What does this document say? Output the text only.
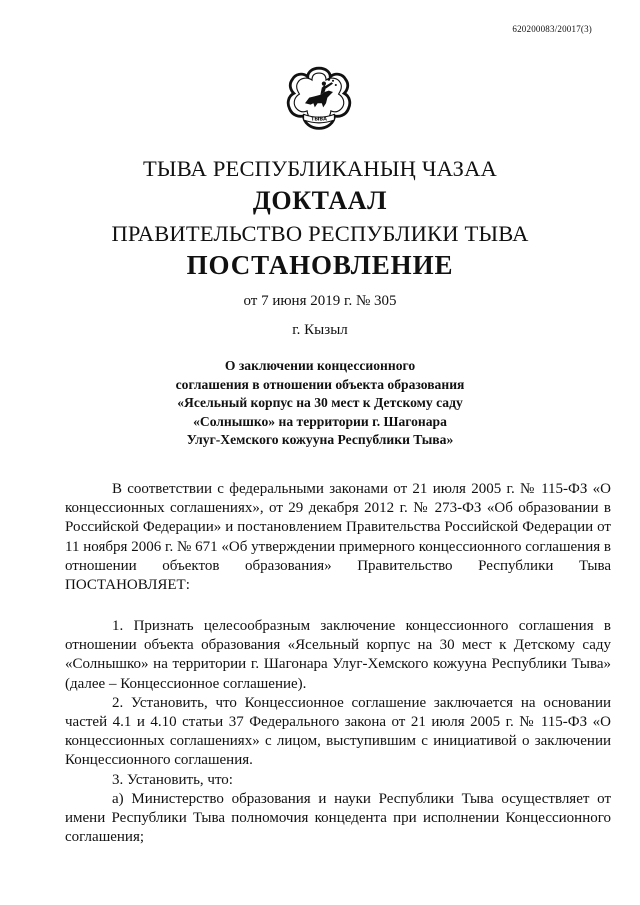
620200083/20017(3)
ТЫВА
ТЫВА РЕСПУБЛИКАНЫҢ ЧАЗАА
ДОКТААЛ
ПРАВИТЕЛЬСТВО РЕСПУБЛИКИ ТЫВА
ПОСТАНОВЛЕНИЕ
от 7 июня 2019 г. № 305
г. Кызыл
О заключении концессионного
соглашения в отношении объекта образования
«Ясельный корпус на 30 мест к Детскому саду
«Солнышко» на территории г. Шагонара
Улуг-Хемского кожууна Республики Тыва»

В соответствии с федеральными законами от 21 июля 2005 г. № 115-ФЗ «О концессионных соглашениях», от 29 декабря 2012 г. № 273-ФЗ «Об образовании в Российской Федерации» и постановлением Правительства Российской Федерации от 11 ноября 2006 г. № 671 «Об утверждении примерного концессионного соглашения в отношении объектов образования» Правительство Республики Тыва ПОСТАНОВЛЯЕТ:

1. Признать целесообразным заключение концессионного соглашения в отношении объекта образования «Ясельный корпус на 30 мест к Детскому саду «Солнышко» на территории г. Шагонара Улуг-Хемского кожууна Республики Тыва» (далее – Концессионное соглашение).

2. Установить, что Концессионное соглашение заключается на основании частей 4.1 и 4.10 статьи 37 Федерального закона от 21 июля 2005 г. № 115-ФЗ «О концессионных соглашениях» с лицом, выступившим с инициативой о заключении Концессионного соглашения.

3. Установить, что:

а) Министерство образования и науки Республики Тыва осуществляет от имени Республики Тыва полномочия концедента при исполнении Концессионного соглашения;
